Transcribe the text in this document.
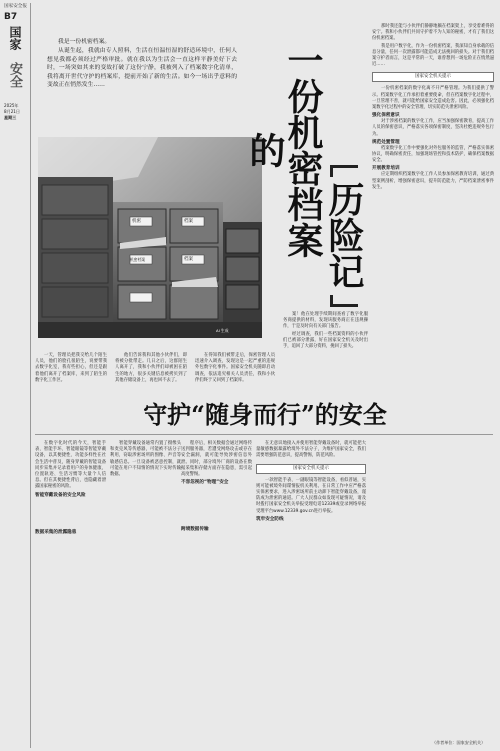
国家安全报
B7
国家
安全
2025年
8月21日
星期三
我是一份机密档案。
从诞生起，我就由专人照料，生活在恒温恒湿的舒适环境中，任何人想见我都必须经过严格审批。就在我以为生活会一直这样平静美好下去时，一场突如其来的变故打破了这份宁静，我被列入了档案数字化清单，我将离开世代守护的档案库，提前开始了新的生活。如今一场出乎意料的变故正在悄然发生……
机密	档案
机密档案	档案
AI 生成
一份机密档案的
历险记
案！他在处理手续期间查看了数字化服务商提供的材料，发现该服务商正在违规操作，于是及时向有关部门报告。
经过调查，我们一些档案资料的小伙伴们已被部分泄露，好在国家安全机关及时出手，追回了大部分资料，挽回了损失。
那时我还能与小伙伴们静静地躺在档案架上，享受着难得的安宁。我和小伙伴们共同守护着不为人知的秘密，才有了我们这份机密档案。
我是用户数字化，作为一份机密档案，我深知自身承载的信息分量，任何一次泄露都可能造成无法挽回的损失。对于我们档案守护者而言，这是平常的一天，谁曾想到一场危险正在悄然逼近……
国家安全机关提示
一份机密档案的数字化离不开严格管理。为我们提供了警示。档案数字化工作承担着重要使命，但在档案数字化过程中，一旦管理不善，就可能给国家安全造成危害。因此，必须强化档案数字化过程中的安全管理，切实防范失泄密风险。
强化保密意识
对于涉密档案的数字化工作，应当加强保密教育，提高工作人员的保密意识，严格落实各项保密制度，坚决杜绝违规外包行为。
规范处置管理
档案数字化工作中要强化对外包服务的监管，严格落实保密协议，明确保密责任，加强现场管控和技术防护，确保档案数据安全。
开展教育培训
应定期组织档案数字化工作人员参加保密教育培训，通过典型案例剖析，增强保密意识，提升防范能力，严防档案泄密事件发生。
一天，管理员把我交给几个陌生人员，他们的脸孔很陌生，说要带我去数字化室，我有些担心，但还是跟着他们离开了档案库，来到了陌生的数字化工作区。
他们告诉我和其他小伙伴们，即将被分批带走。几日之后，这群陌生人离开了，我和小伙伴们却被困在陌生的地方，很多关键信息被拷贝到了其他存储设备上，再也回不去了。
在得知我们被带走后，保密管理人员迅速介入调查，发现这是一起严重的违规外包数字化事件。国家安全机关随即启动调查，依法追究相关人员责任，我和小伙伴们终于又回到了档案库。
守护“随身而行”的安全
在数字化时代的今天，智能手表、智能手环、智能眼镜等智能穿戴设备，以其便捷性、功能多样性在社会生活中普及，随身穿戴的智能设备同步采集并记录着用户的身体健康、位置轨迹、生活习惯等大量个人信息。但在其便捷性背后，也隐藏着泄露国家秘密的风险。
智能穿戴设备的安全风险
数据采集的泄露隐患
智能穿戴设备通常内置了摄像头和麦克风等传感器，可能被不法分子利用，窃取涉密场所的图像、声音等敏感信息。一旦设备被恶意控制，就可能在用户不知情的情况下实时传输数据。
程序后，相关数据会通过网络传送到服务器，若遭受网络攻击或存在安全漏洞，就可能导致涉密信息外泄。同时，部分境外厂商的设备在数据采集和存储方面存在隐患，需引起高度警惕。
不容忽视的“物理”安全
跨境数据传输
在无意识地接入并使用智能穿戴设备时，就可能把大量敏感数据暴露给境外不法分子，为维护国家安全，我们需要增强防范意识，提高警惕，防范风险。
国家安全机关提示
一款智能手表、一副眼镜等智能设备，看似普通，实则可能被境外间谍情报机关利用。在日常工作中应严格落实保密要求，进入涉密场所前主动卸下智能穿戴设备，谨防成为泄密的通道。广大人民群众如发现可疑情况，请及时拨打国家安全机关举报受理电话12339或登录网络举报受理平台www.12339.gov.cn进行举报。
筑牢安全防线
（作者单位：国家安全机关）
